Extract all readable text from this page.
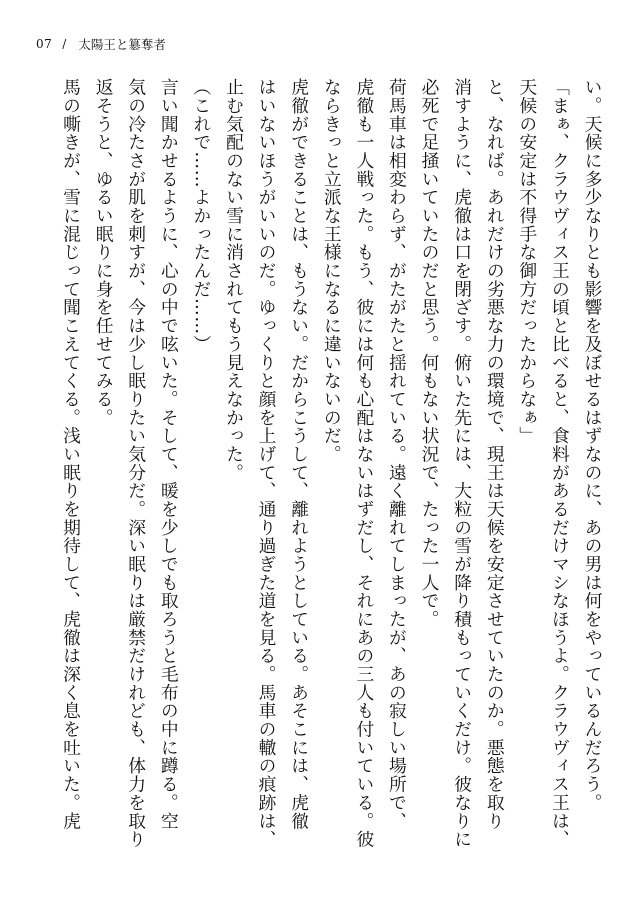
07 / 太陽王と簒奪者

い。天候に多少なりとも影響を及ぼせるはずなのに、あの男は何をやっているんだろう。

「まぁ、クラウヴィス王の頃と比べると、食料があるだけマシなほうよ。クラウヴィス王は、

天候の安定は不得手な御方だったからなぁ」

と、なれば。あれだけの劣悪な力の環境で、現王は天候を安定させていたのか。悪態を取り

消すように、虎徹は口を閉ざす。俯いた先には、大粒の雪が降り積もっていくだけ。彼なりに

必死で足掻いていたのだと思う。何もない状況で、たった一人で。

荷馬車は相変わらず、がたがたと揺れている。遠く離れてしまったが、あの寂しい場所で、

虎徹も一人戦った。もう、彼には何も心配はないはずだし、それにあの三人も付いている。彼

ならきっと立派な王様になるに違いないのだ。

虎徹ができることは、もうない。だからこうして、離れようとしている。あそこには、虎徹

はいないほうがいいのだ。ゆっくりと顔を上げて、通り過ぎた道を見る。馬車の轍の痕跡は、

止む気配のない雪に消されてもう見えなかった。

（これで……よかったんだ……）

言い聞かせるように、心の中で呟いた。そして、暖を少しでも取ろうと毛布の中に蹲る。空

気の冷たさが肌を刺すが、今は少し眠りたい気分だ。深い眠りは厳禁だけれども、体力を取り

返そうと、ゆるい眠りに身を任せてみる。

馬の嘶きが、雪に混じって聞こえてくる。浅い眠りを期待して、虎徹は深く息を吐いた。虎
